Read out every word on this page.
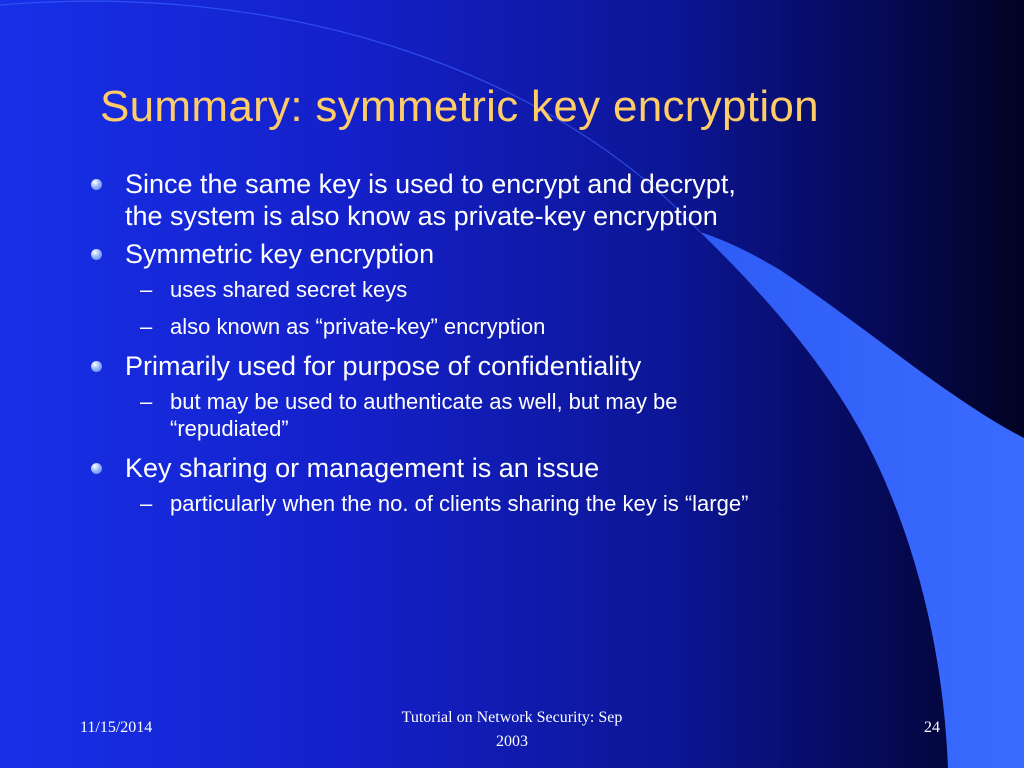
Summary: symmetric key encryption
Since the same key is used to encrypt and decrypt,
the system is also know as private-key encryption
Symmetric key encryption
– uses shared secret keys
– also known as “private-key” encryption
Primarily used for purpose of confidentiality
– but may be used to authenticate as well, but may be
“repudiated”
Key sharing or management is an issue
– particularly when the no. of clients sharing the key is “large”
11/15/2014
Tutorial on Network Security: Sep
2003
24
